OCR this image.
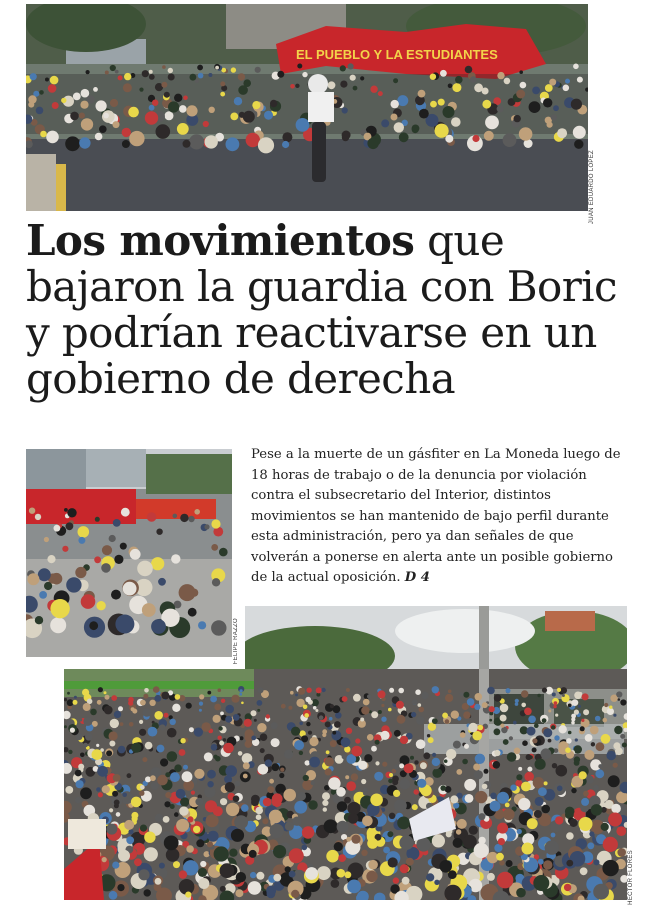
EL PUEBLO Y LA ESTUDIANTES
JUAN EDUARDO LÓPEZ
Los movimientos que bajaron la guardia con Boric y podrían reactivarse en un gobierno de derecha
FELIPE RAZZO

Pese a la muerte de un gásfiter en La Moneda luego de 18 horas de trabajo o de la denuncia por violación contra el subsecretario del Interior, distintos movimientos se han mantenido de bajo perfil durante esta administración, pero ya dan señales de que volverán a ponerse en alerta ante un posible gobierno de la actual oposición. D 4

HÉCTOR FLORES
